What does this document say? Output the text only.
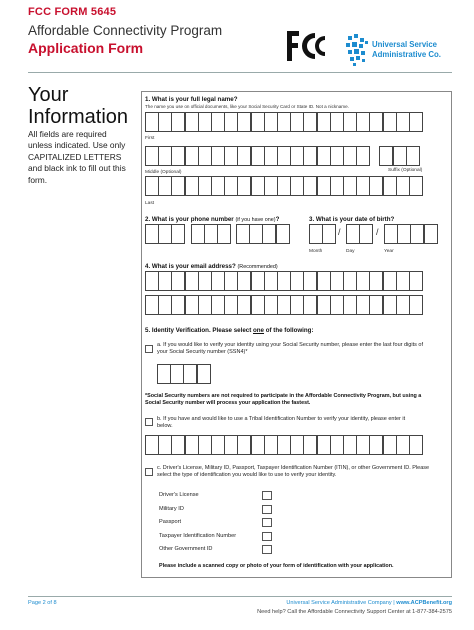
FCC FORM 5645
Affordable Connectivity Program
Application Form	Universal Service
Administrative Co.
Your
Information
All fields are required unless indicated. Use only CAPITALIZED LETTERS and black ink to fill out this form.
1. What is your full legal name?
The name you use on official documents, like your Social Security Card or State ID. Not a nickname.
First
Middle (Optional)	Suffix (Optional)
Last
2. What is your phone number (if you have one)?	3. What is your date of birth?
/	/
Month	Day	Year
4. What is your email address? (Recommended)
5. Identity Verification. Please select one of the following:
a. If you would like to verify your identity using your Social Security number, please enter the last four digits of your Social Security number (SSN4)*
*Social Security numbers are not required to participate in the Affordable Connectivity Program, but using a Social Security number will process your application the fastest.
b. If you have and would like to use a Tribal Identification Number to verify your identity, please enter it below.
c. Driver's License, Military ID, Passport, Taxpayer Identification Number (ITIN), or other Government ID. Please select the type of identification you would like to use to verify your identity.
Driver's License
Military ID
Passport
Taxpayer Identification Number
Other Government ID
Please include a scanned copy or photo of your form of identification with your application.
Page 2 of 8	Universal Service Administrative Company | www.ACPBenefit.org
Need help? Call the Affordable Connectivity Support Center at 1-877-384-2575
